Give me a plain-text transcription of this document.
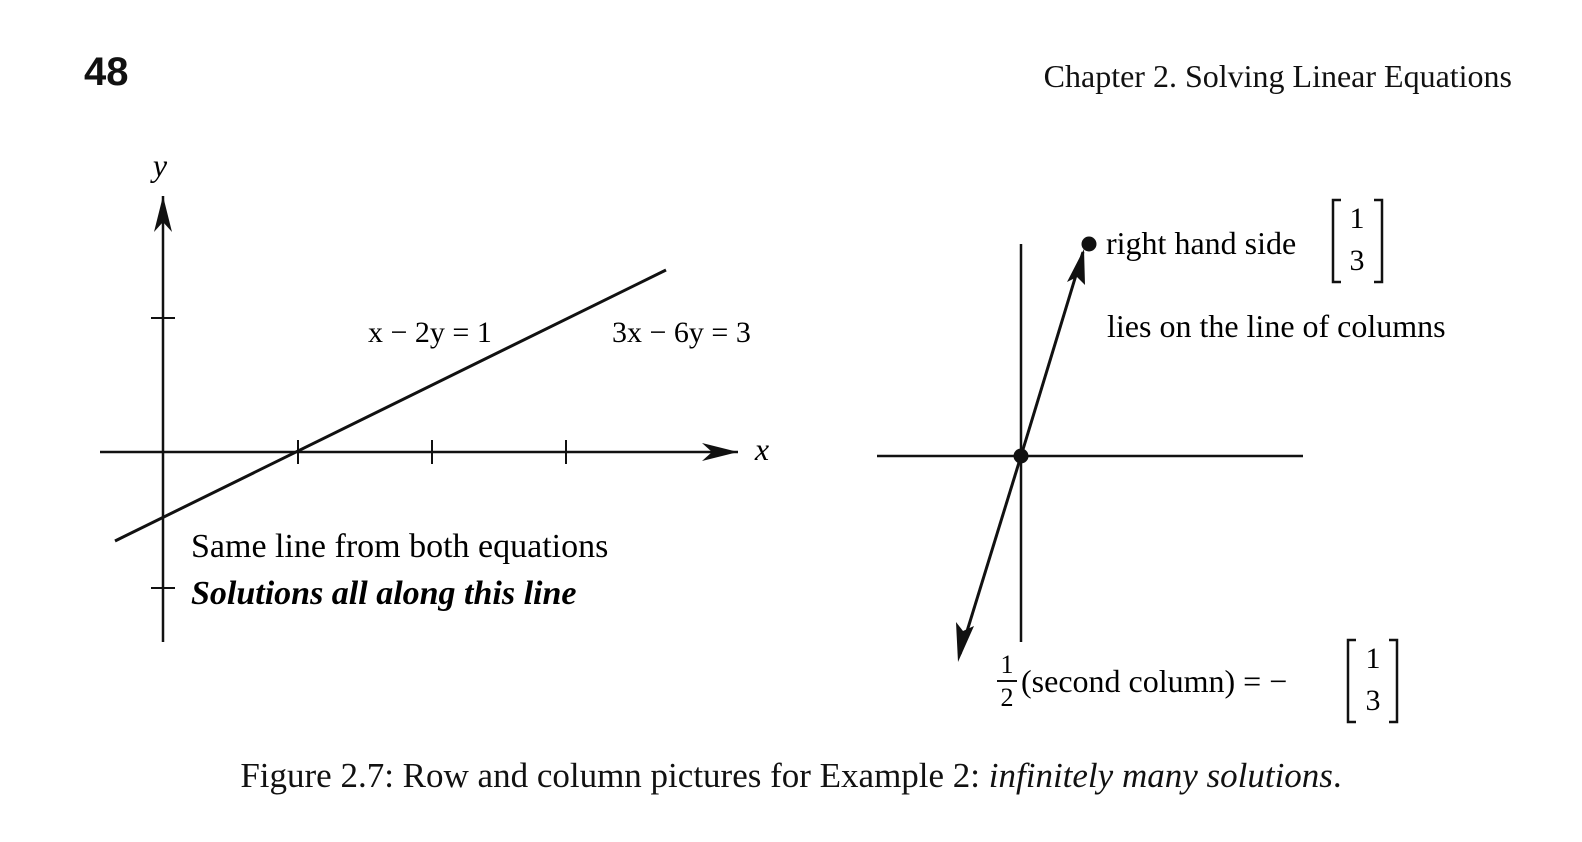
48	Chapter 2. Solving Linear Equations
y
x
x − 2y = 1	3x − 6y = 3
Same line from both equations
Solutions all along this line
right hand side
1
3
lies on the line of columns
1
2 (second column) = −
1
3
Figure 2.7: Row and column pictures for Example 2: infinitely many solutions.
